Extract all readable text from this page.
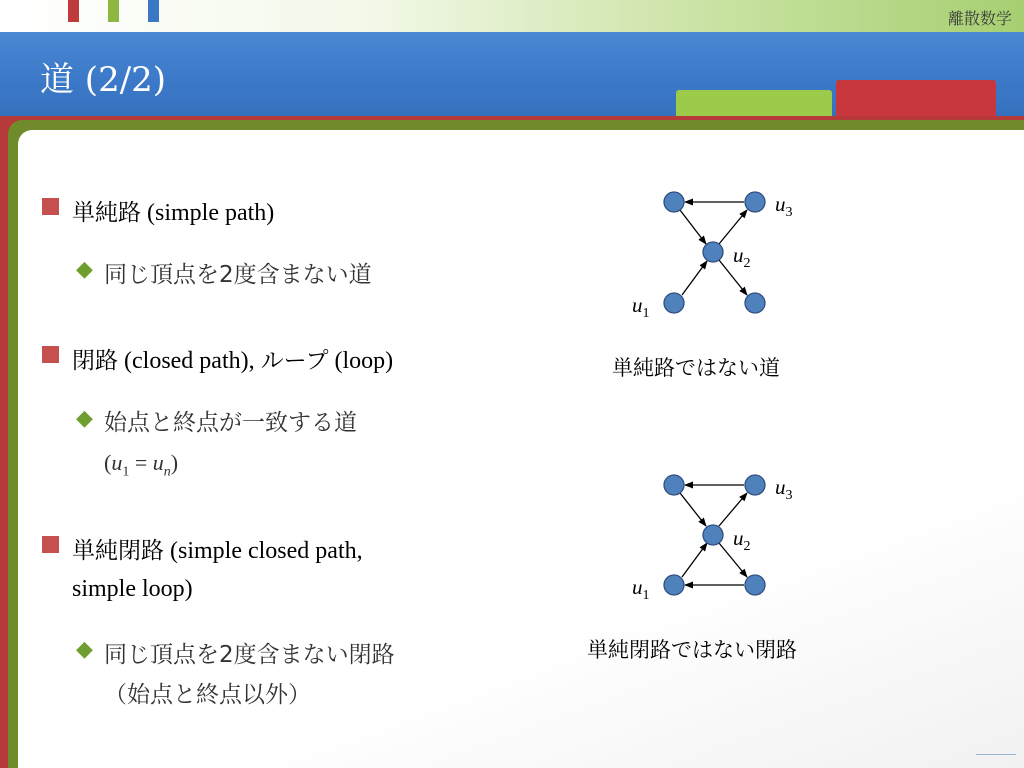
離散数学
道 (2/2)
単純路 (simple path)
◆ 同じ頂点を2度含まない道
閉路 (closed path), ループ (loop)
◆ 始点と終点が一致する道
$(u_1 = u_n)$
単純閉路 (simple closed path,
simple loop)
◆ 同じ頂点を2度含まない閉路
（始点と終点以外）
$u_3$
$u_2$
$u_1$
$u_3$
$u_2$
$u_1$
単純路ではない道
単純閉路ではない閉路
